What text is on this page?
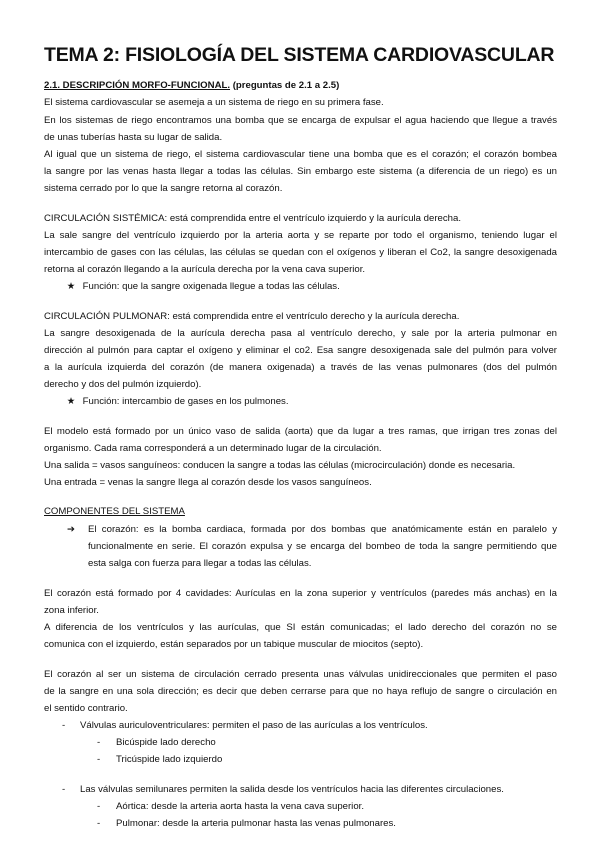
TEMA 2: FISIOLOGÍA DEL SISTEMA CARDIOVASCULAR
2.1. DESCRIPCIÓN MORFO-FUNCIONAL. (preguntas de 2.1 a 2.5)
El sistema cardiovascular se asemeja a un sistema de riego en su primera fase.
En los sistemas de riego encontramos una bomba que se encarga de expulsar el agua haciendo que llegue a través
de unas tuberías hasta su lugar de salida.
Al igual que un sistema de riego, el sistema cardiovascular tiene una bomba que es el corazón; el corazón bombea
la sangre por las venas hasta llegar a todas las células. Sin embargo este sistema (a diferencia de un riego) es un
sistema cerrado por lo que la sangre retorna al corazón.
CIRCULACIÓN SISTÉMICA: está comprendida entre el ventrículo izquierdo y la aurícula derecha.
La sale sangre del ventrículo izquierdo por la arteria aorta y se reparte por todo el organismo, teniendo lugar el
intercambio de gases con las células, las células se quedan con el oxígenos y liberan el Co2, la sangre desoxigenada
retorna al corazón llegando a la aurícula derecha por la vena cava superior.
★ Función: que la sangre oxigenada llegue a todas las células.
CIRCULACIÓN PULMONAR: está comprendida entre el ventrículo derecho y la aurícula derecha.
La sangre desoxigenada de la aurícula derecha pasa al ventrículo derecho, y sale por la arteria pulmonar en
dirección al pulmón para captar el oxígeno y eliminar el co2. Esa sangre desoxigenada sale del pulmón para volver
a la aurícula izquierda del corazón (de manera oxigenada) a través de las venas pulmonares (dos del pulmón
derecho y dos del pulmón izquierdo).
★ Función: intercambio de gases en los pulmones.
El modelo está formado por un único vaso de salida (aorta) que da lugar a tres ramas, que irrigan tres zonas del
organismo. Cada rama corresponderá a un determinado lugar de la circulación.
Una salida = vasos sanguíneos: conducen la sangre a todas las células (microcirculación) donde es necesaria.
Una entrada = venas la sangre llega al corazón desde los vasos sanguíneos.
COMPONENTES DEL SISTEMA
➔	El corazón: es la bomba cardiaca, formada por dos bombas que anatómicamente están en paralelo y
funcionalmente en serie. El corazón expulsa y se encarga del bombeo de toda la sangre permitiendo que
esta salga con fuerza para llegar a todas las células.
El corazón está formado por 4 cavidades: Aurículas en la zona superior y ventrículos (paredes más anchas) en la
zona inferior.
A diferencia de los ventrículos y las aurículas, que SI están comunicadas; el lado derecho del corazón no se
comunica con el izquierdo, están separados por un tabique muscular de miocitos (septo).
El corazón al ser un sistema de circulación cerrado presenta unas válvulas unidireccionales que permiten el paso
de la sangre en una sola dirección; es decir que deben cerrarse para que no haya reflujo de sangre o circulación en
el sentido contrario.
- Válvulas auriculoventriculares: permiten el paso de las aurículas a los ventrículos.
- Bicúspide lado derecho
- Tricúspide lado izquierdo
- Las válvulas semilunares permiten la salida desde los ventrículos hacia las diferentes circulaciones.
- Aórtica: desde la arteria aorta hasta la vena cava superior.
- Pulmonar: desde la arteria pulmonar hasta las venas pulmonares.
